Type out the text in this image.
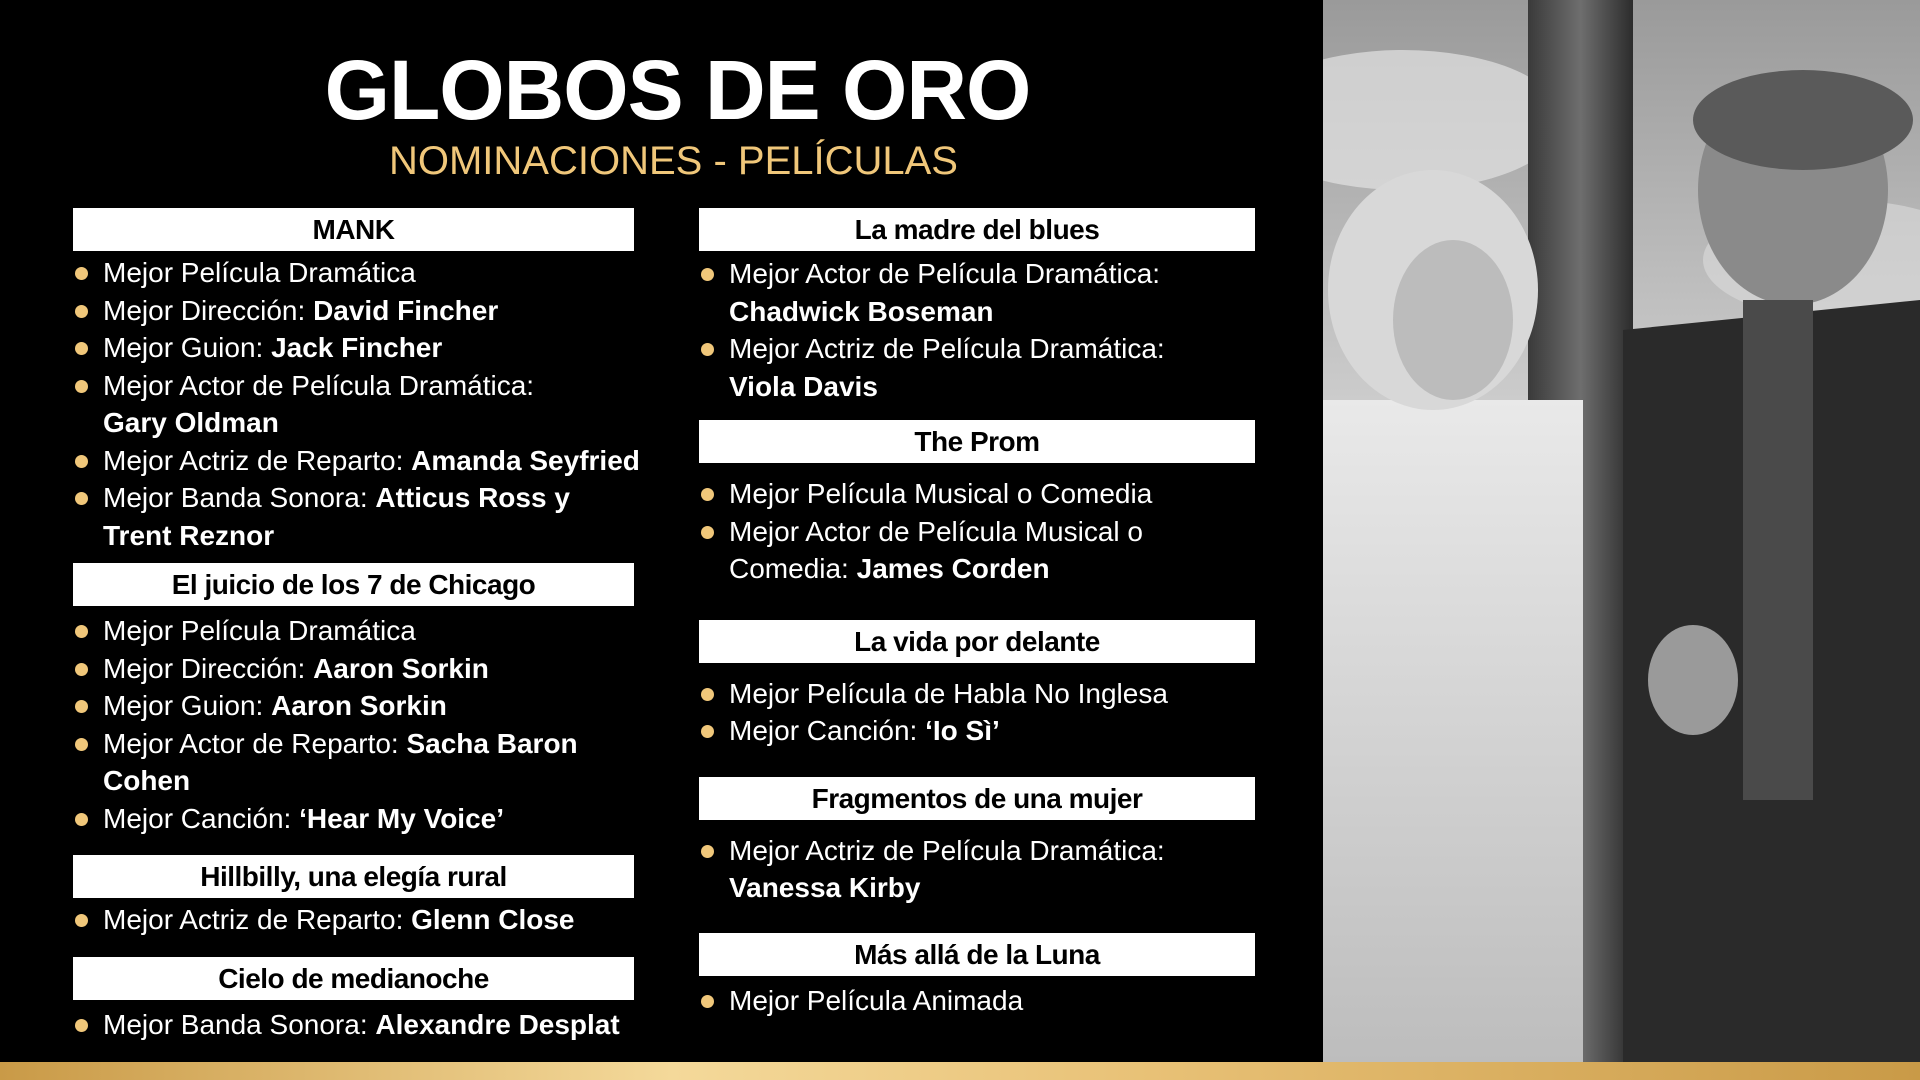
GLOBOS DE ORO
NOMINACIONES - PELÍCULAS
MANK
Mejor Película Dramática
Mejor Dirección: David Fincher
Mejor Guion: Jack Fincher
Mejor Actor de Película Dramática: Gary Oldman
Mejor Actriz de Reparto: Amanda Seyfried
Mejor Banda Sonora: Atticus Ross y Trent Reznor
El juicio de los 7 de Chicago
Mejor Película Dramática
Mejor Dirección: Aaron Sorkin
Mejor Guion: Aaron Sorkin
Mejor Actor de Reparto: Sacha Baron Cohen
Mejor Canción: ‘Hear My Voice’
Hillbilly, una elegía rural
Mejor Actriz de Reparto: Glenn Close
Cielo de medianoche
Mejor Banda Sonora: Alexandre Desplat
La madre del blues
Mejor Actor de Película Dramática: Chadwick Boseman
Mejor Actriz de Película Dramática: Viola Davis
The Prom
Mejor Película Musical o Comedia
Mejor Actor de Película Musical o Comedia: James Corden
La vida por delante
Mejor Película de Habla No Inglesa
Mejor Canción: ‘Io Sì’
Fragmentos de una mujer
Mejor Actriz de Película Dramática: Vanessa Kirby
Más allá de la Luna
Mejor Película Animada
